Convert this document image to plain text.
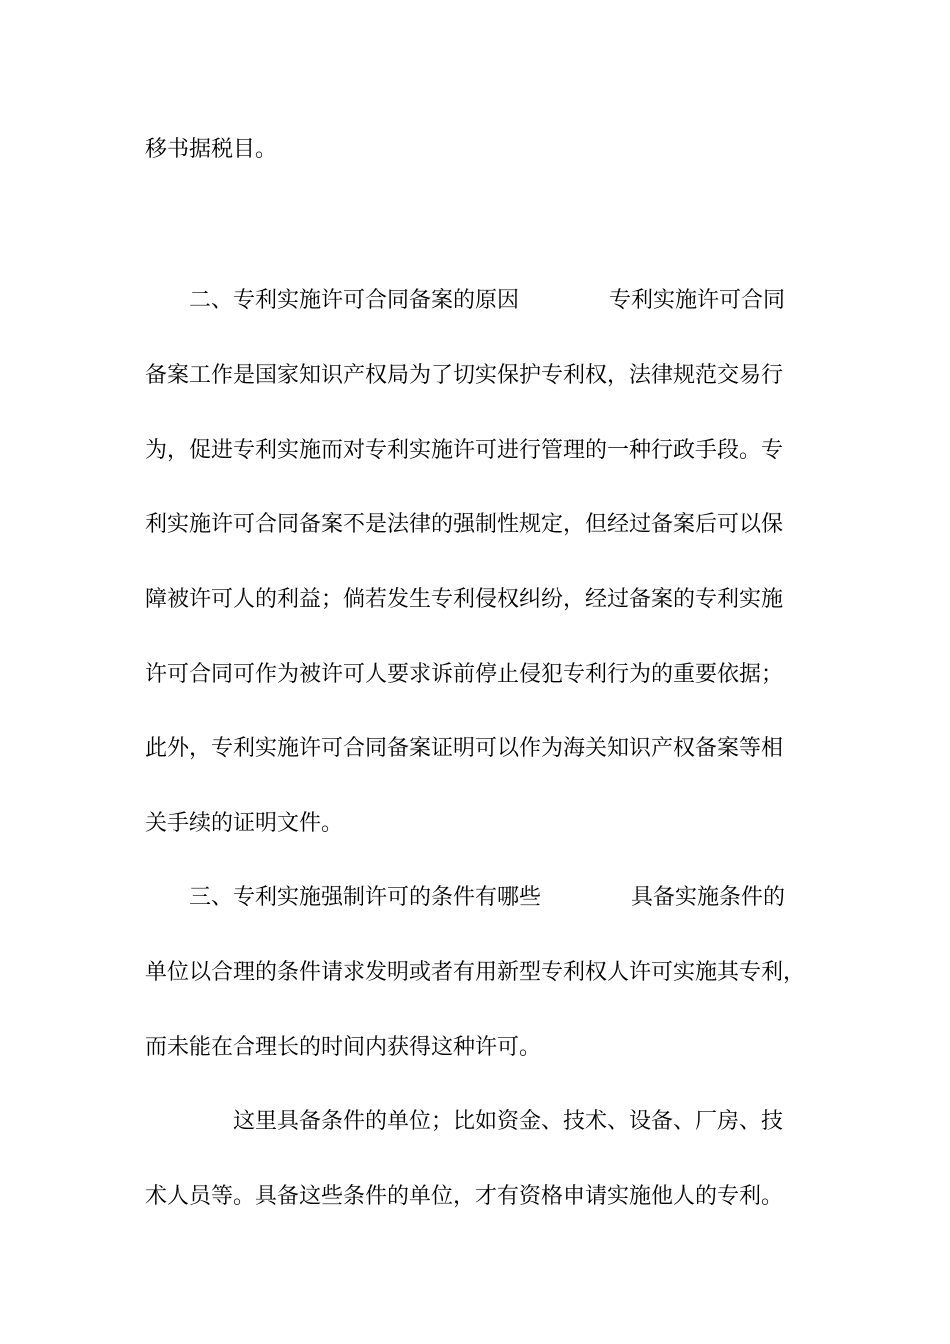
移书据税目。
二、专利实施许可合同备案的原因	专利实施许可合同
备案工作是国家知识产权局为了切实保护专利权，法律规范交易行
为，促进专利实施而对专利实施许可进行管理的一种行政手段。专
利实施许可合同备案不是法律的强制性规定，但经过备案后可以保
障被许可人的利益；倘若发生专利侵权纠纷，经过备案的专利实施
许可合同可作为被许可人要求诉前停止侵犯专利行为的重要依据；
此外，专利实施许可合同备案证明可以作为海关知识产权备案等相
关手续的证明文件。
三、专利实施强制许可的条件有哪些	具备实施条件的
单位以合理的条件请求发明或者有用新型专利权人许可实施其专利，
而未能在合理长的时间内获得这种许可。
这里具备条件的单位；比如资金、技术、设备、厂房、技
术人员等。具备这些条件的单位，才有资格申请实施他人的专利。
